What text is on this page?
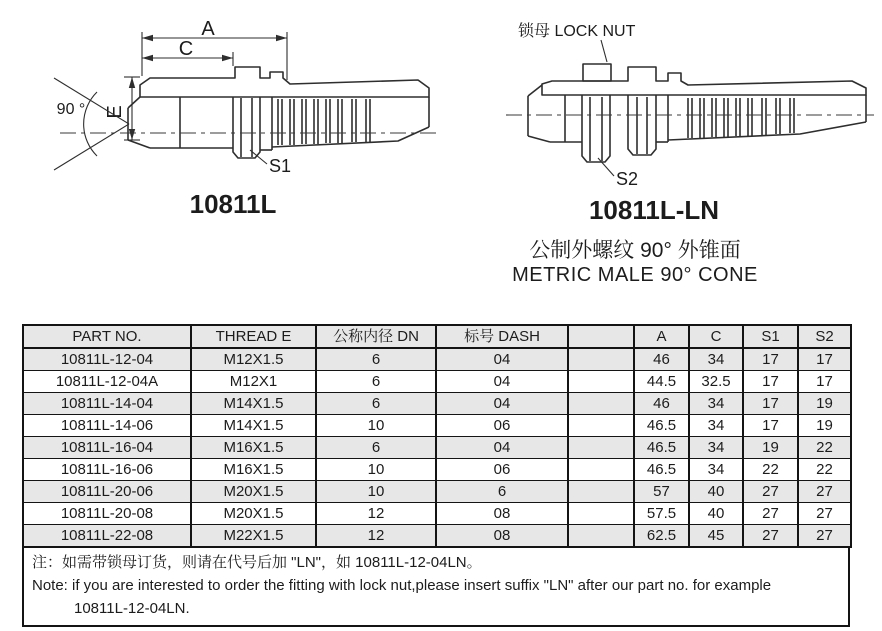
A
C
E
90 °
S1
10811L
锁母 LOCK NUT
S2
10811L-LN
公制外螺纹 90° 外锥面
METRIC MALE 90° CONE
PART NO.	THREAD E	公称内径 DN	标号 DASH		A	C	S1	S2
10811L-12-04	M12X1.5	6	04		46	34	17	17
10811L-12-04A	M12X1	6	04		44.5	32.5	17	17
10811L-14-04	M14X1.5	6	04		46	34	17	19
10811L-14-06	M14X1.5	10	06		46.5	34	17	19
10811L-16-04	M16X1.5	6	04		46.5	34	19	22
10811L-16-06	M16X1.5	10	06		46.5	34	22	22
10811L-20-06	M20X1.5	10	6		57	40	27	27
10811L-20-08	M20X1.5	12	08		57.5	40	27	27
10811L-22-08	M22X1.5	12	08		62.5	45	27	27
注：如需带锁母订货，则请在代号后加 "LN"，如 10811L-12-04LN。
Note: if you are interested to order the fitting with lock nut,please insert suffix "LN" after our part no. for example
10811L-12-04LN.
